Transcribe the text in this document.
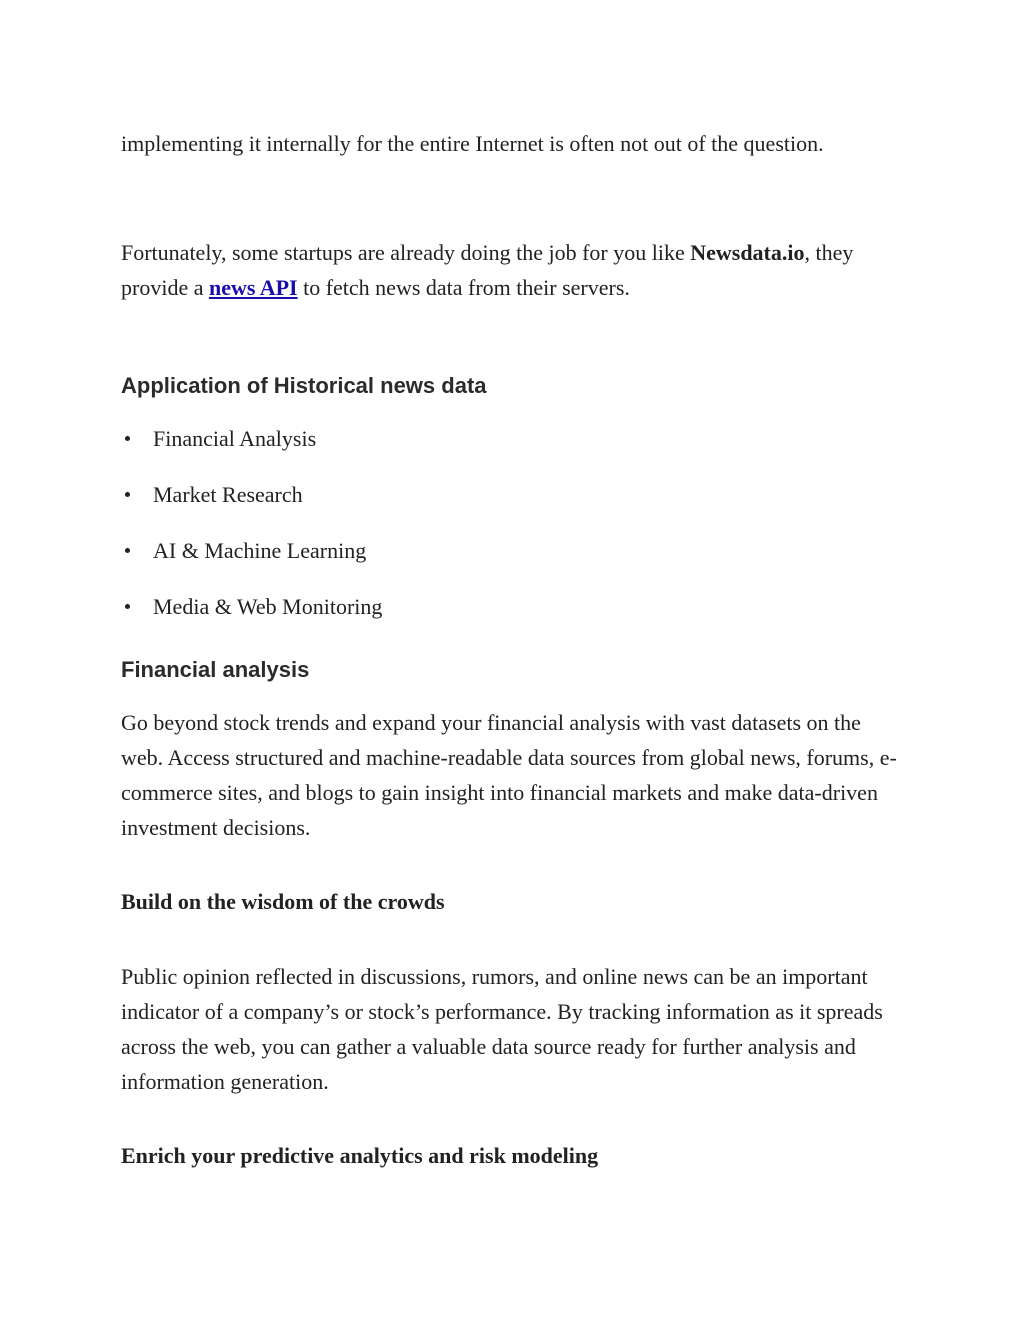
implementing it internally for the entire Internet is often not out of the question.

Fortunately, some startups are already doing the job for you like Newsdata.io, they provide a news API to fetch news data from their servers.

Application of Historical news data
Financial Analysis
Market Research
AI & Machine Learning
Media & Web Monitoring
Financial analysis

Go beyond stock trends and expand your financial analysis with vast datasets on the web. Access structured and machine-readable data sources from global news, forums, e-commerce sites, and blogs to gain insight into financial markets and make data-driven investment decisions.

Build on the wisdom of the crowds

Public opinion reflected in discussions, rumors, and online news can be an important indicator of a company’s or stock’s performance. By tracking information as it spreads across the web, you can gather a valuable data source ready for further analysis and information generation.

Enrich your predictive analytics and risk modeling
